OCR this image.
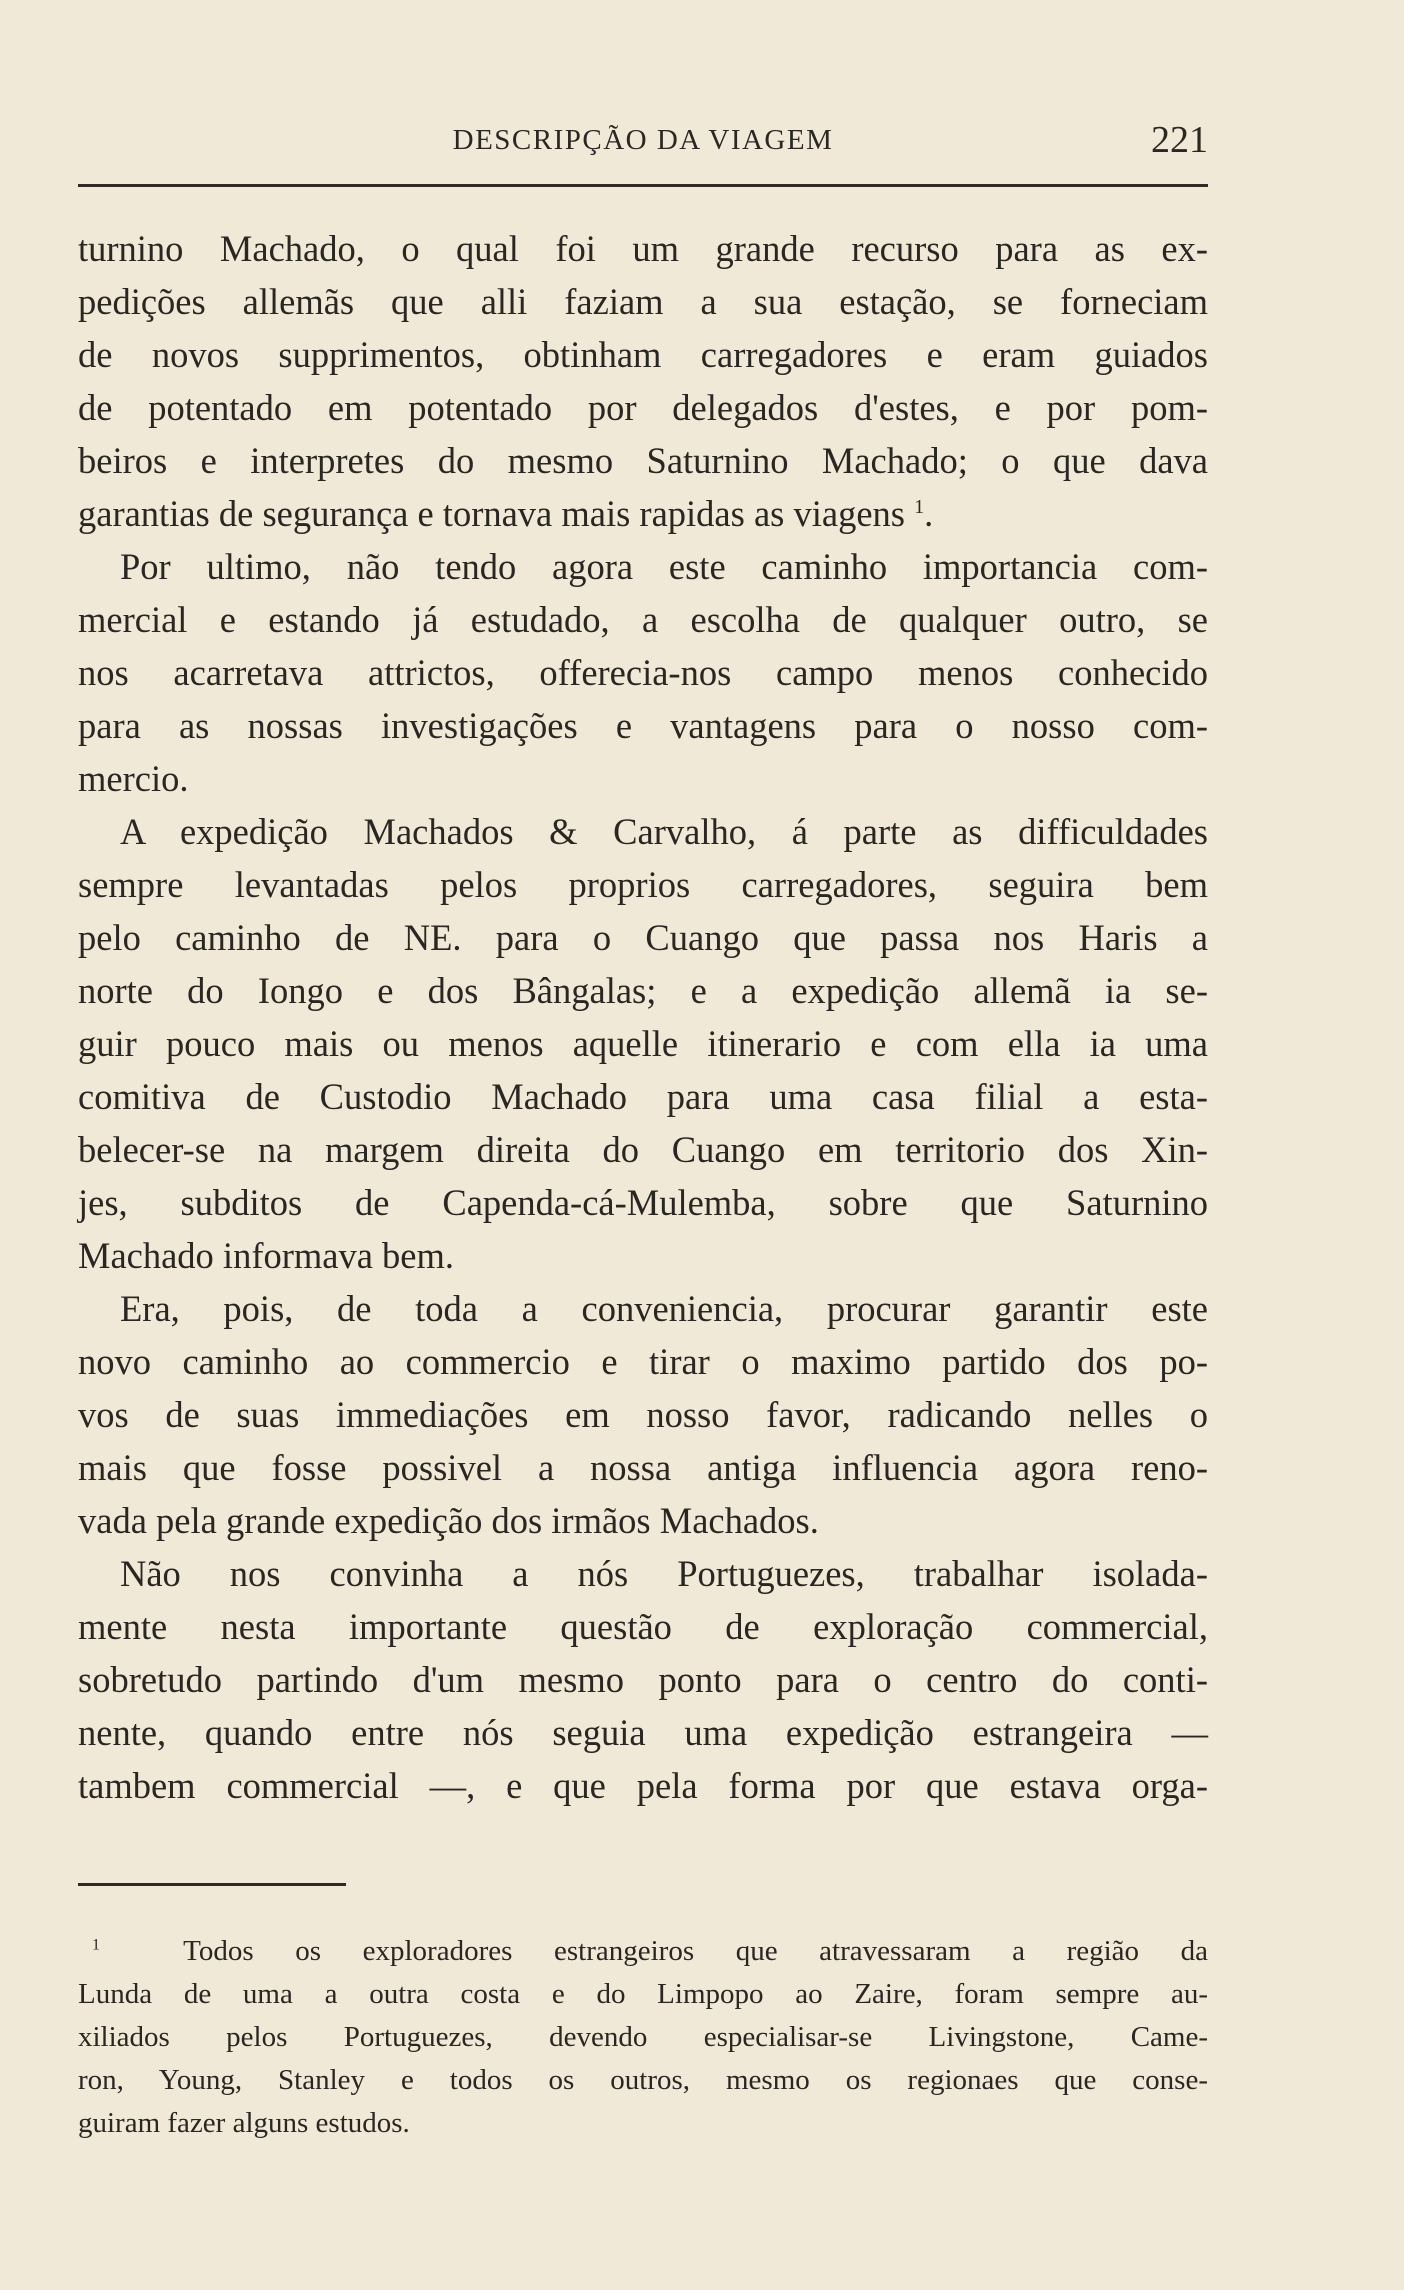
DESCRIPÇÃO DA VIAGEM	221
turnino Machado, o qual foi um grande recurso para as ex-
pedições allemãs que alli faziam a sua estação, se forneciam
de novos supprimentos, obtinham carregadores e eram guiados
de potentado em potentado por delegados d'estes, e por pom-
beiros e interpretes do mesmo Saturnino Machado; o que dava
garantias de segurança e tornava mais rapidas as viagens $^1$.
Por ultimo, não tendo agora este caminho importancia com-
mercial e estando já estudado, a escolha de qualquer outro, se
nos acarretava attrictos, offerecia-nos campo menos conhecido
para as nossas investigações e vantagens para o nosso com-
mercio.
A expedição Machados & Carvalho, á parte as difficuldades
sempre levantadas pelos proprios carregadores, seguira bem
pelo caminho de NE. para o Cuango que passa nos Haris a
norte do Iongo e dos Bângalas; e a expedição allemã ia se-
guir pouco mais ou menos aquelle itinerario e com ella ia uma
comitiva de Custodio Machado para uma casa filial a esta-
belecer-se na margem direita do Cuango em territorio dos Xin-
jes, subditos de Capenda-cá-Mulemba, sobre que Saturnino
Machado informava bem.
Era, pois, de toda a conveniencia, procurar garantir este
novo caminho ao commercio e tirar o maximo partido dos po-
vos de suas immediações em nosso favor, radicando nelles o
mais que fosse possivel a nossa antiga influencia agora reno-
vada pela grande expedição dos irmãos Machados.
Não nos convinha a nós Portuguezes, trabalhar isolada-
mente nesta importante questão de exploração commercial,
sobretudo partindo d'um mesmo ponto para o centro do conti-
nente, quando entre nós seguia uma expedição estrangeira —
tambem commercial —, e que pela forma por que estava orga-
$^1$	Todos os exploradores estrangeiros que atravessaram a região da
Lunda de uma a outra costa e do Limpopo ao Zaire, foram sempre au-
xiliados pelos Portuguezes, devendo especialisar-se Livingstone, Came-
ron, Young, Stanley e todos os outros, mesmo os regionaes que conse-
guiram fazer alguns estudos.
